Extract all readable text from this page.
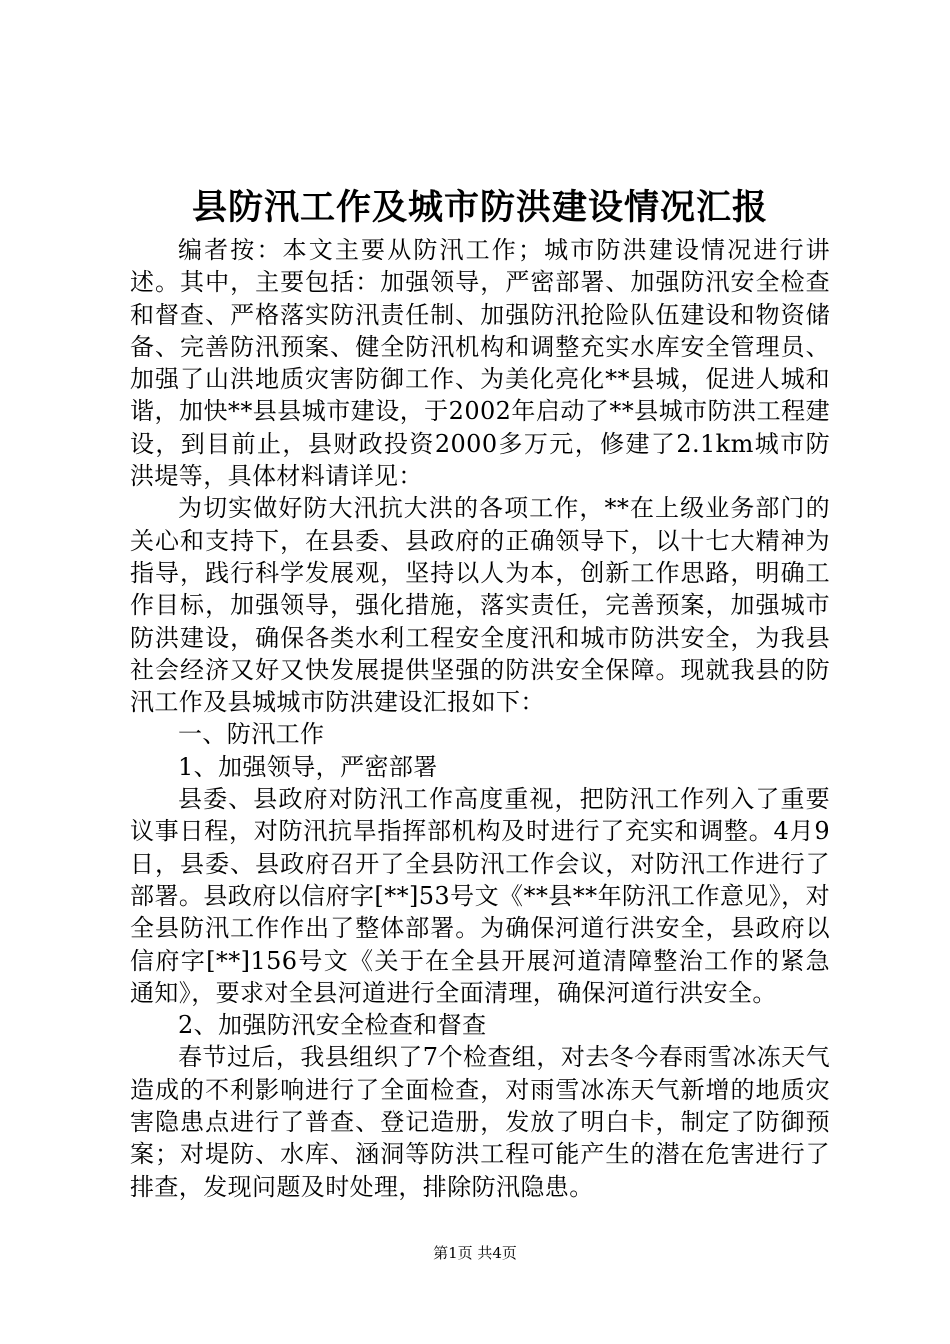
县防汛工作及城市防洪建设情况汇报

编者按：本文主要从防汛工作；城市防洪建设情况进行讲述。其中，主要包括：加强领导，严密部署、加强防汛安全检查和督查、严格落实防汛责任制、加强防汛抢险队伍建设和物资储备、完善防汛预案、健全防汛机构和调整充实水库安全管理员、加强了山洪地质灾害防御工作、为美化亮化**县城，促进人城和谐，加快**县县城市建设，于2002年启动了**县城市防洪工程建设，到目前止，县财政投资2000多万元，修建了2.1km城市防洪堤等，具体材料请详见：

为切实做好防大汛抗大洪的各项工作，**在上级业务部门的关心和支持下，在县委、县政府的正确领导下，以十七大精神为指导，践行科学发展观，坚持以人为本，创新工作思路，明确工作目标，加强领导，强化措施，落实责任，完善预案，加强城市防洪建设，确保各类水利工程安全度汛和城市防洪安全，为我县社会经济又好又快发展提供坚强的防洪安全保障。现就我县的防汛工作及县城城市防洪建设汇报如下：

一、防汛工作

1、加强领导，严密部署

县委、县政府对防汛工作高度重视，把防汛工作列入了重要议事日程，对防汛抗旱指挥部机构及时进行了充实和调整。4月9日，县委、县政府召开了全县防汛工作会议，对防汛工作进行了部署。县政府以信府字[**]53号文《**县**年防汛工作意见》，对全县防汛工作作出了整体部署。为确保河道行洪安全，县政府以信府字[**]156号文《关于在全县开展河道清障整治工作的紧急通知》，要求对全县河道进行全面清理，确保河道行洪安全。

2、加强防汛安全检查和督查

春节过后，我县组织了7个检查组，对去冬今春雨雪冰冻天气造成的不利影响进行了全面检查，对雨雪冰冻天气新增的地质灾害隐患点进行了普查、登记造册，发放了明白卡，制定了防御预案；对堤防、水库、涵洞等防洪工程可能产生的潜在危害进行了排查，发现问题及时处理，排除防汛隐患。

第1页 共4页
